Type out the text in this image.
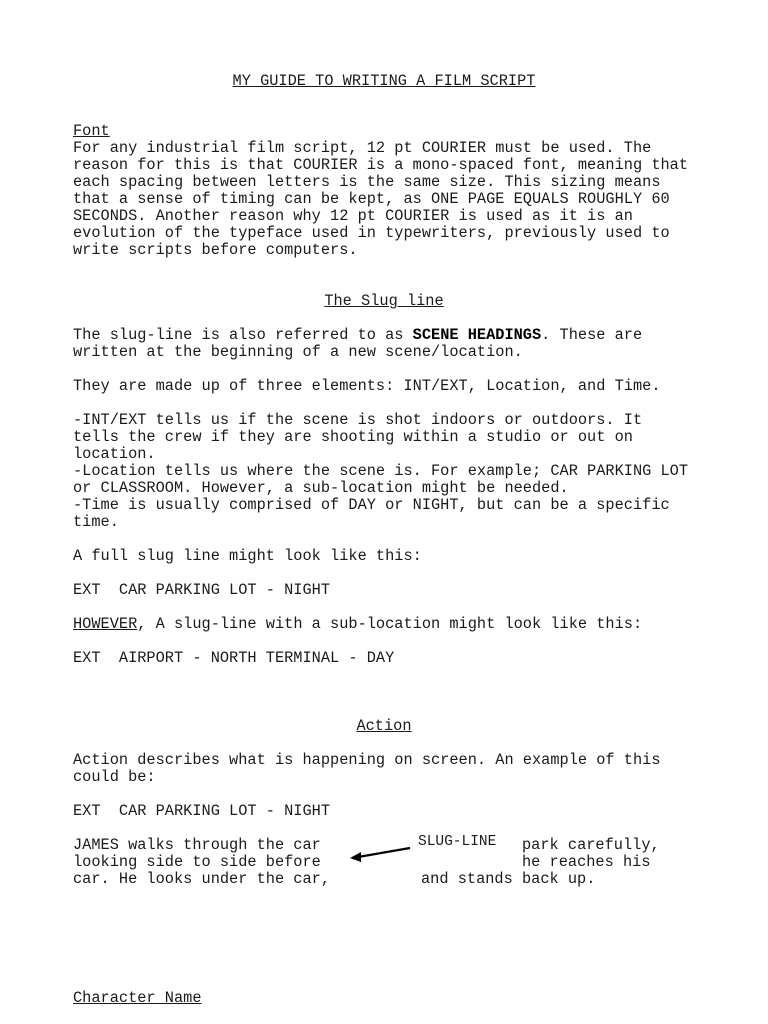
MY GUIDE TO WRITING A FILM SCRIPT
Font
For any industrial film script, 12 pt COURIER must be used. The
reason for this is that COURIER is a mono-spaced font, meaning that
each spacing between letters is the same size. This sizing means
that a sense of timing can be kept, as ONE PAGE EQUALS ROUGHLY 60
SECONDS. Another reason why 12 pt COURIER is used as it is an
evolution of the typeface used in typewriters, previously used to
write scripts before computers.
The Slug line
The slug-line is also referred to as SCENE HEADINGS. These are
written at the beginning of a new scene/location.
They are made up of three elements: INT/EXT, Location, and Time.
-INT/EXT tells us if the scene is shot indoors or outdoors. It
tells the crew if they are shooting within a studio or out on
location.
-Location tells us where the scene is. For example; CAR PARKING LOT
or CLASSROOM. However, a sub-location might be needed.
-Time is usually comprised of DAY or NIGHT, but can be a specific
time.
A full slug line might look like this:
EXT  CAR PARKING LOT - NIGHT
HOWEVER, A slug-line with a sub-location might look like this:
EXT  AIRPORT - NORTH TERMINAL - DAY
Action
Action describes what is happening on screen. An example of this
could be:
EXT  CAR PARKING LOT - NIGHT
JAMES walks through the car
looking side to side before
car. He looks under the car,
park carefully,
he reaches his
and stands back up.
SLUG-LINE
Character Name
